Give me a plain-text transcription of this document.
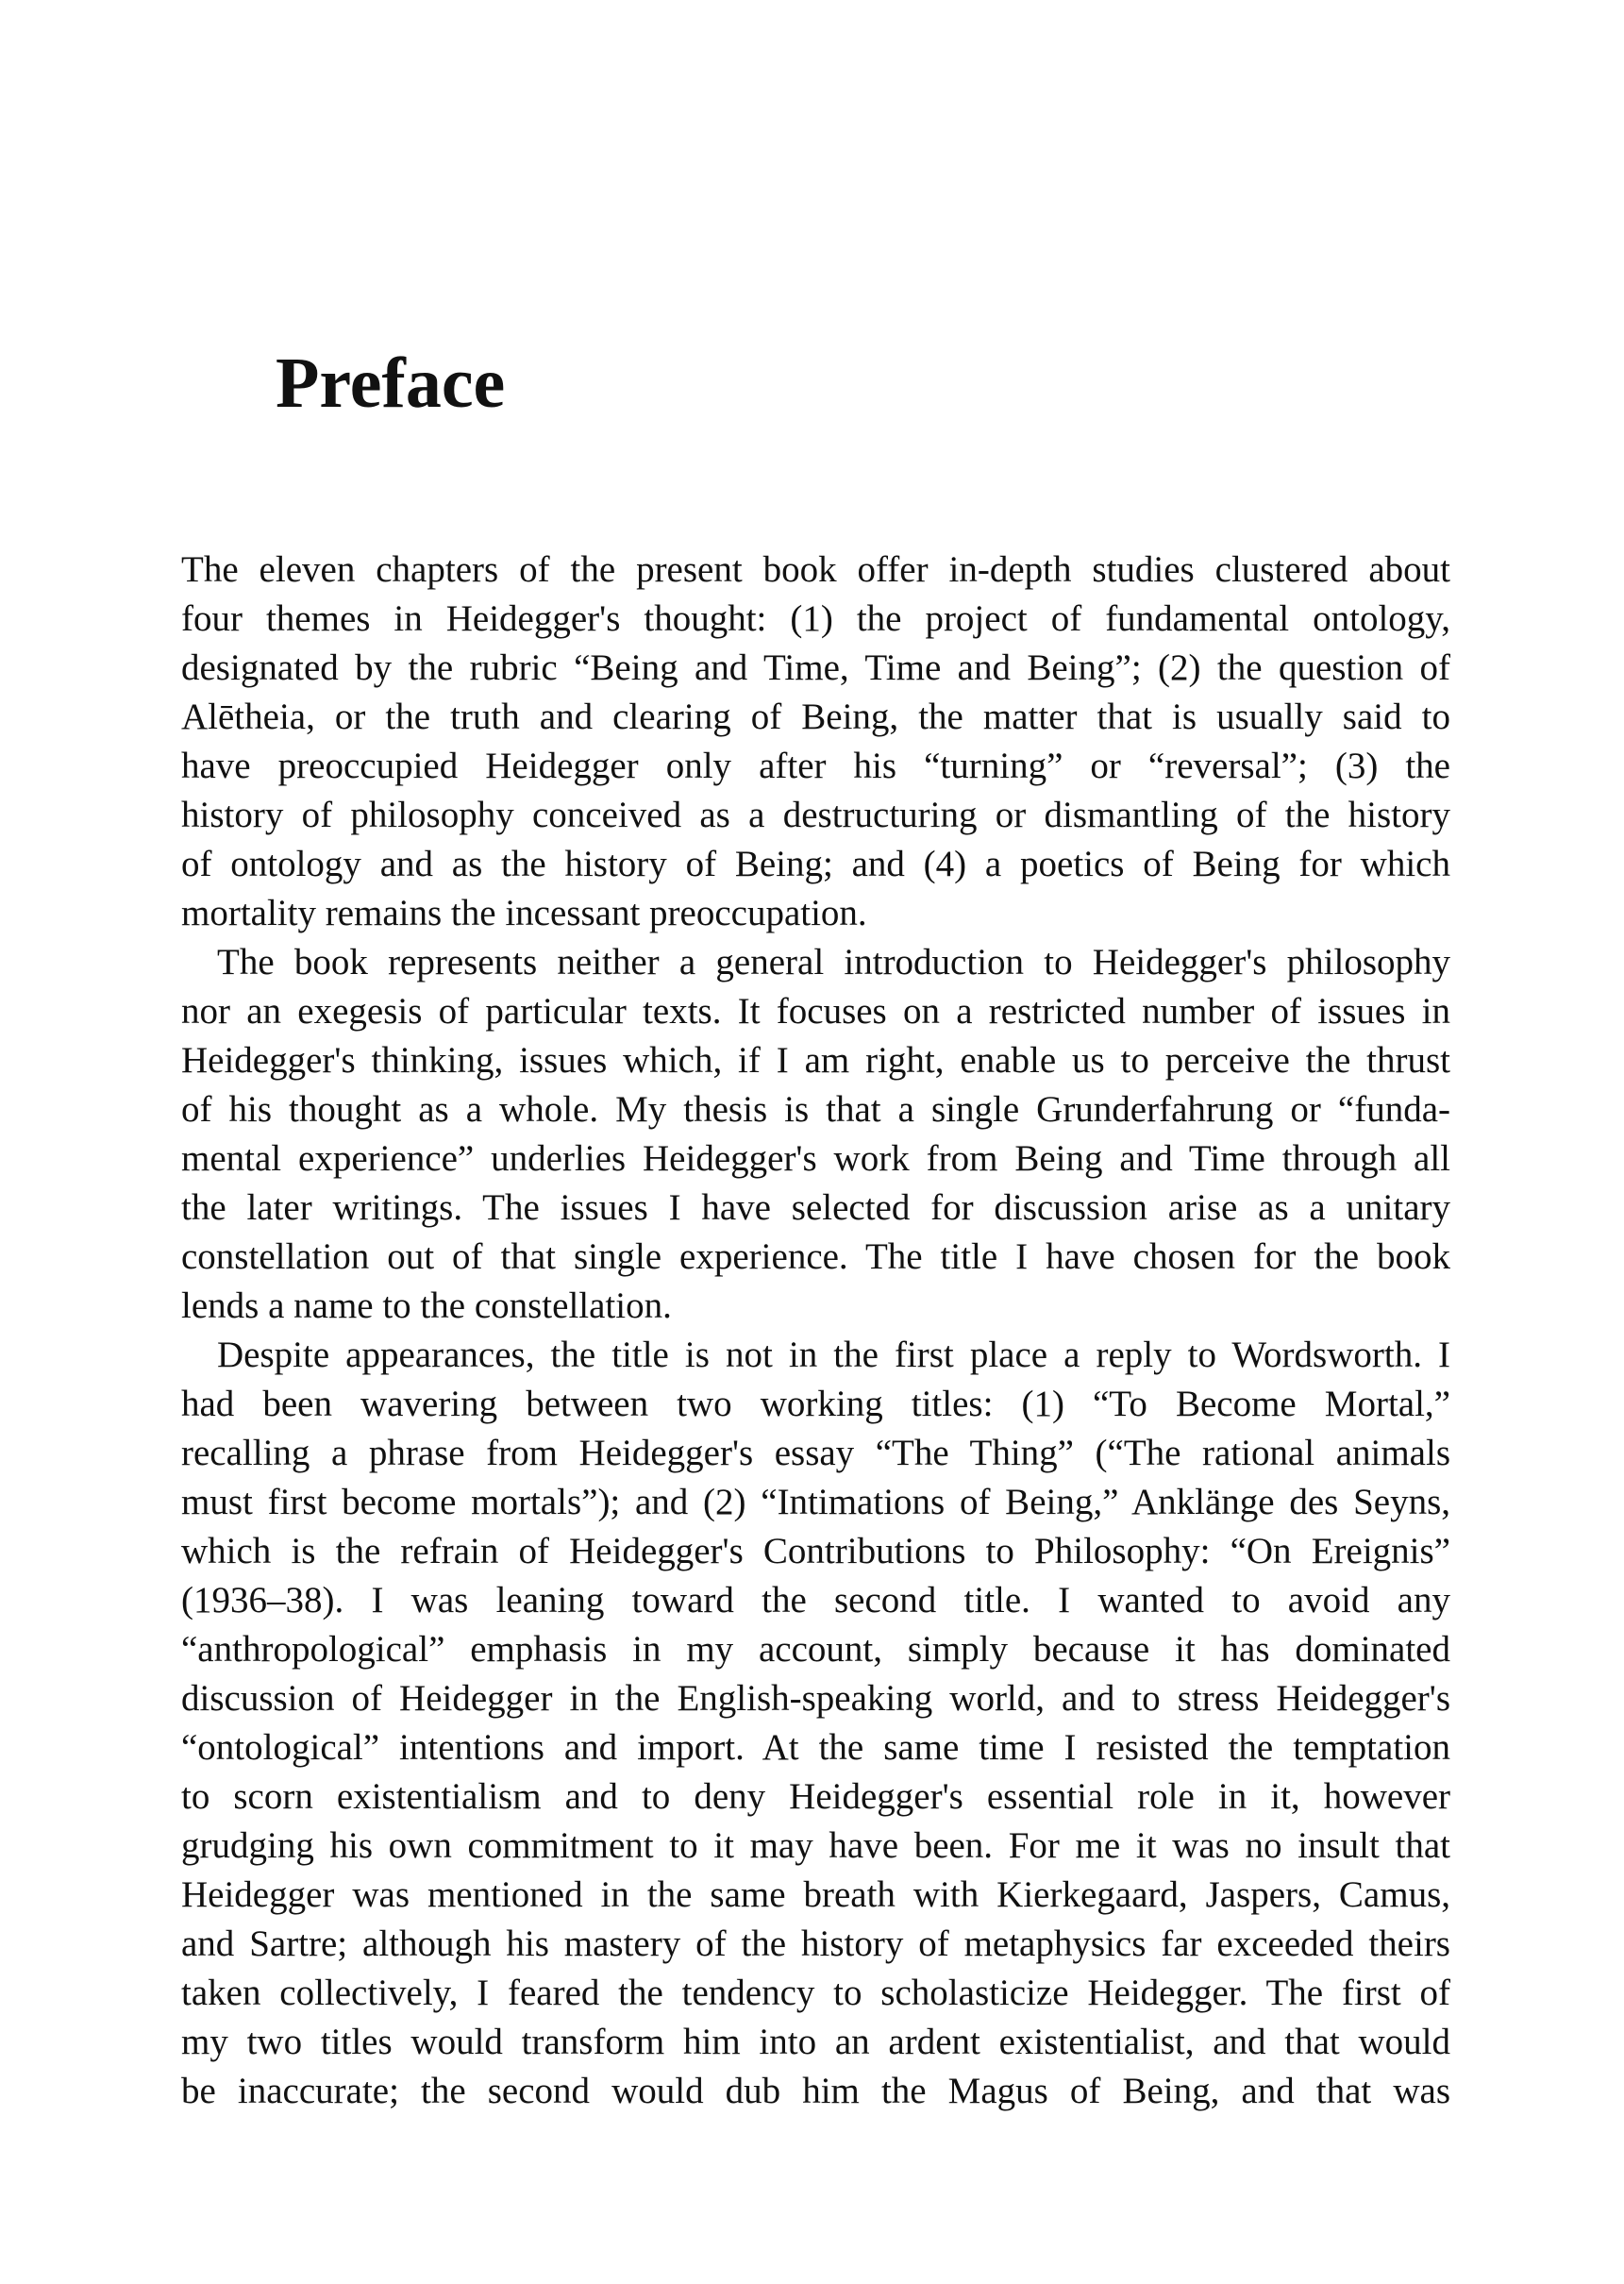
Preface

The eleven chapters of the present book offer in-depth studies clustered about
four themes in Heidegger's thought: (1) the project of fundamental ontology,
designated by the rubric “Being and Time, Time and Being”; (2) the question of
Alētheia, or the truth and clearing of Being, the matter that is usually said to
have preoccupied Heidegger only after his “turning” or “reversal”; (3) the
history of philosophy conceived as a destructuring or dismantling of the history
of ontology and as the history of Being; and (4) a poetics of Being for which
mortality remains the incessant preoccupation.

The book represents neither a general introduction to Heidegger's philosophy
nor an exegesis of particular texts. It focuses on a restricted number of issues in
Heidegger's thinking, issues which, if I am right, enable us to perceive the thrust
of his thought as a whole. My thesis is that a single Grunderfahrung or “funda-
mental experience” underlies Heidegger's work from Being and Time through all
the later writings. The issues I have selected for discussion arise as a unitary
constellation out of that single experience. The title I have chosen for the book
lends a name to the constellation.

Despite appearances, the title is not in the first place a reply to Wordsworth. I
had been wavering between two working titles: (1) “To Become Mortal,”
recalling a phrase from Heidegger's essay “The Thing” (“The rational animals
must first become mortals”); and (2) “Intimations of Being,” Anklänge des Seyns,
which is the refrain of Heidegger's Contributions to Philosophy: “On Ereignis”
(1936–38). I was leaning toward the second title. I wanted to avoid any
“anthropological” emphasis in my account, simply because it has dominated
discussion of Heidegger in the English-speaking world, and to stress Heidegger's
“ontological” intentions and import. At the same time I resisted the temptation
to scorn existentialism and to deny Heidegger's essential role in it, however
grudging his own commitment to it may have been. For me it was no insult that
Heidegger was mentioned in the same breath with Kierkegaard, Jaspers, Camus,
and Sartre; although his mastery of the history of metaphysics far exceeded theirs
taken collectively, I feared the tendency to scholasticize Heidegger. The first of
my two titles would transform him into an ardent existentialist, and that would
be inaccurate; the second would dub him the Magus of Being, and that was
